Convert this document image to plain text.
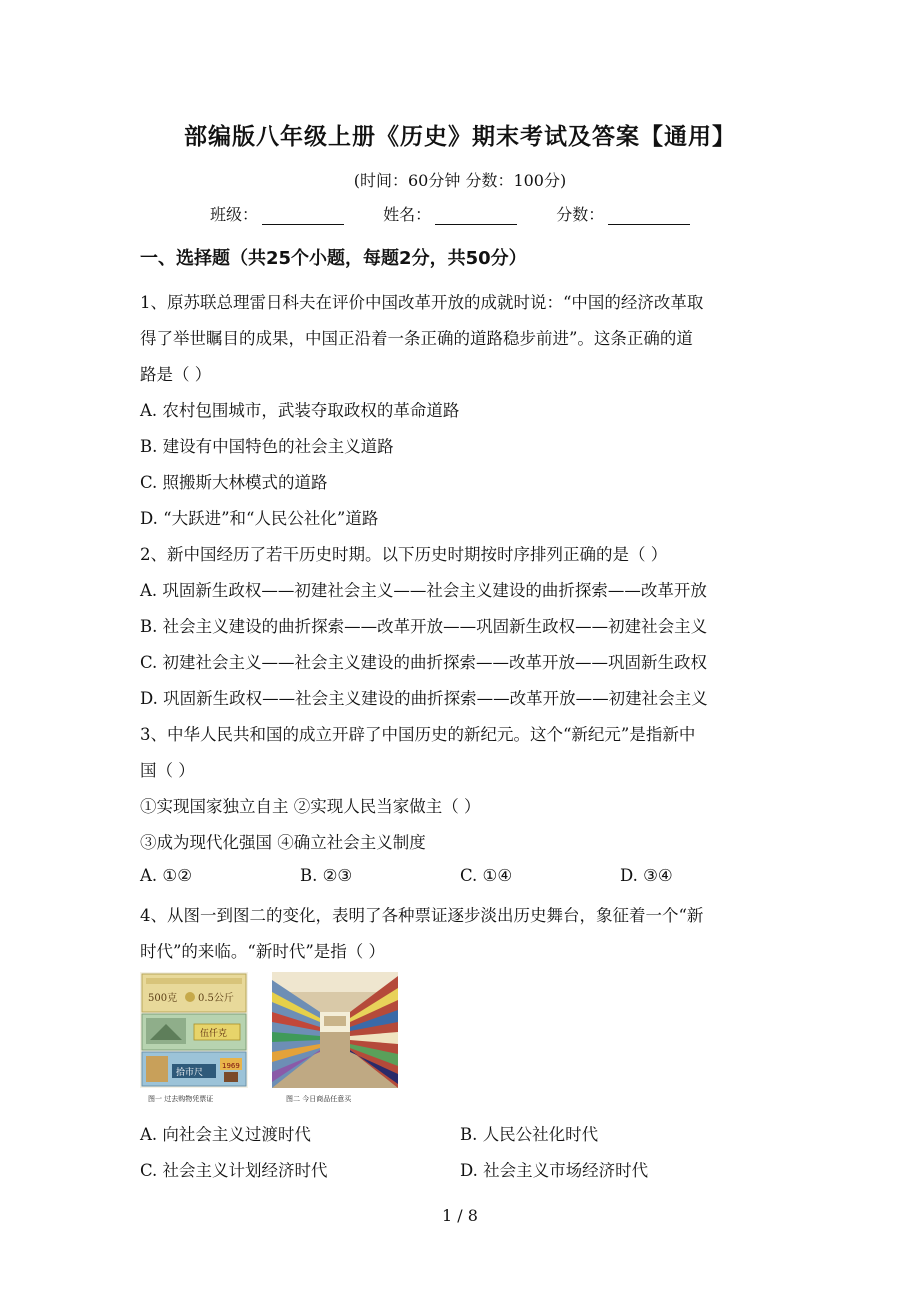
部编版八年级上册《历史》期末考试及答案【通用】
(时间：60分钟 分数：100分)
班级：	姓名：	分数：
一、选择题（共25个小题，每题2分，共50分）
1、原苏联总理雷日科夫在评价中国改革开放的成就时说：“中国的经济改革取
得了举世瞩目的成果，中国正沿着一条正确的道路稳步前进”。这条正确的道
路是（ ）
A. 农村包围城市，武装夺取政权的革命道路
B. 建设有中国特色的社会主义道路
C. 照搬斯大林模式的道路
D. “大跃进”和“人民公社化”道路
2、新中国经历了若干历史时期。以下历史时期按时序排列正确的是（ ）
A. 巩固新生政权——初建社会主义——社会主义建设的曲折探索——改革开放
B. 社会主义建设的曲折探索——改革开放——巩固新生政权——初建社会主义
C. 初建社会主义——社会主义建设的曲折探索——改革开放——巩固新生政权
D. 巩固新生政权——社会主义建设的曲折探索——改革开放——初建社会主义
3、中华人民共和国的成立开辟了中国历史的新纪元。这个“新纪元”是指新中
国（ ）
①实现国家独立自主 ②实现人民当家做主（ ）
③成为现代化强国 ④确立社会主义制度
A. ①②	B. ②③	C. ①④	D. ③④
4、从图一到图二的变化，表明了各种票证逐步淡出历史舞台，象征着一个“新
时代”的来临。“新时代”是指（ ）
500克 0.5公斤
伍仟克
拾市尺
1969
图一 过去购物凭票证	图二 今日商品任意买
A. 向社会主义过渡时代	B. 人民公社化时代
C. 社会主义计划经济时代	D. 社会主义市场经济时代
1 / 8
